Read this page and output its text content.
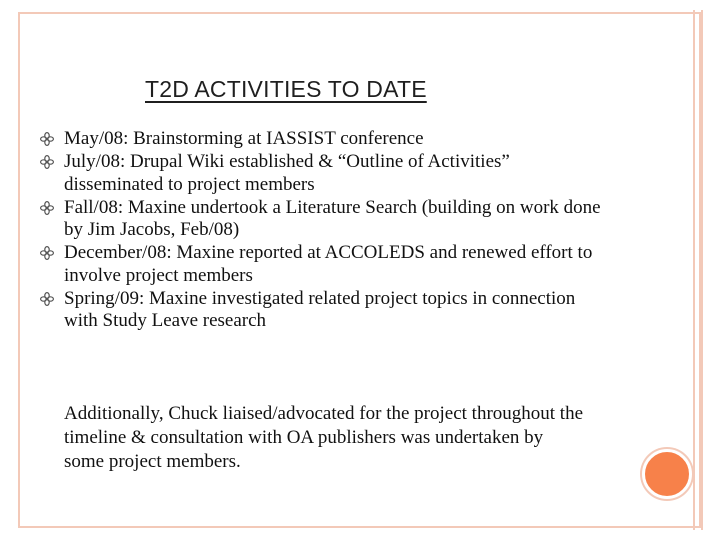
T2D ACTIVITIES TO DATE
May/08: Brainstorming at IASSIST conference
July/08: Drupal Wiki established & “Outline of Activities” disseminated to project members
Fall/08: Maxine undertook a Literature Search (building on work done by Jim Jacobs, Feb/08)
December/08: Maxine reported at ACCOLEDS and renewed effort to involve project members
Spring/09: Maxine investigated related project topics in connection with Study Leave research
Additionally, Chuck liaised/advocated for the project throughout the timeline & consultation with OA publishers was undertaken by some project members.
